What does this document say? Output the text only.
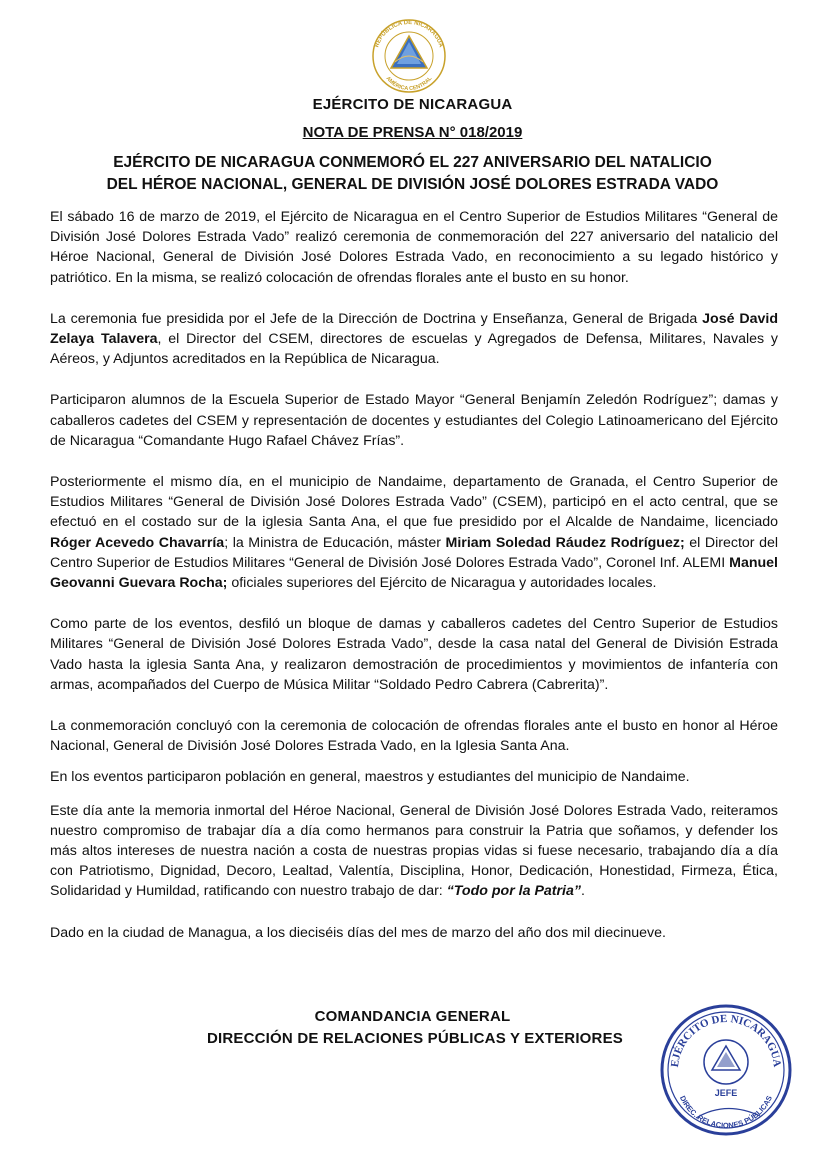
REPÚBLICA DE NICARAGUA
AMÉRICA CENTRAL
EJÉRCITO DE NICARAGUA
NOTA DE PRENSA N° 018/2019
EJÉRCITO DE NICARAGUA CONMEMORÓ EL 227 ANIVERSARIO DEL NATALICIO
DEL HÉROE NACIONAL, GENERAL DE DIVISIÓN JOSÉ DOLORES ESTRADA VADO

El sábado 16 de marzo de 2019, el Ejército de Nicaragua en el Centro Superior de Estudios Militares “General de División José Dolores Estrada Vado” realizó ceremonia de conmemoración del 227 aniversario del natalicio del Héroe Nacional, General de División José Dolores Estrada Vado, en reconocimiento a su legado histórico y patriótico. En la misma, se realizó colocación de ofrendas florales ante el busto en su honor.

La ceremonia fue presidida por el Jefe de la Dirección de Doctrina y Enseñanza, General de Brigada José David Zelaya Talavera, el Director del CSEM, directores de escuelas y Agregados de Defensa, Militares, Navales y Aéreos, y Adjuntos acreditados en la República de Nicaragua.

Participaron alumnos de la Escuela Superior de Estado Mayor “General Benjamín Zeledón Rodríguez”; damas y caballeros cadetes del CSEM y representación de docentes y estudiantes del Colegio Latinoamericano del Ejército de Nicaragua “Comandante Hugo Rafael Chávez Frías”.

Posteriormente el mismo día, en el municipio de Nandaime, departamento de Granada, el Centro Superior de Estudios Militares “General de División José Dolores Estrada Vado” (CSEM), participó en el acto central, que se efectuó en el costado sur de la iglesia Santa Ana, el que fue presidido por el Alcalde de Nandaime, licenciado Róger Acevedo Chavarría; la Ministra de Educación, máster Miriam Soledad Ráudez Rodríguez; el Director del Centro Superior de Estudios Militares “General de División José Dolores Estrada Vado”, Coronel Inf. ALEMI Manuel Geovanni Guevara Rocha; oficiales superiores del Ejército de Nicaragua y autoridades locales.

Como parte de los eventos, desfiló un bloque de damas y caballeros cadetes del Centro Superior de Estudios Militares “General de División José Dolores Estrada Vado”, desde la casa natal del General de División Estrada Vado hasta la iglesia Santa Ana, y realizaron demostración de procedimientos y movimientos de infantería con armas, acompañados del Cuerpo de Música Militar “Soldado Pedro Cabrera (Cabrerita)”.

La conmemoración concluyó con la ceremonia de colocación de ofrendas florales ante el busto en honor al Héroe Nacional, General de División José Dolores Estrada Vado, en la Iglesia Santa Ana.

En los eventos participaron población en general, maestros y estudiantes del municipio de Nandaime.

Este día ante la memoria inmortal del Héroe Nacional, General de División José Dolores Estrada Vado, reiteramos nuestro compromiso de trabajar día a día como hermanos para construir la Patria que soñamos, y defender los más altos intereses de nuestra nación a costa de nuestras propias vidas si fuese necesario, trabajando día a día con Patriotismo, Dignidad, Decoro, Lealtad, Valentía, Disciplina, Honor, Dedicación, Honestidad, Firmeza, Ética, Solidaridad y Humildad, ratificando con nuestro trabajo de dar: “Todo por la Patria”.

Dado en la ciudad de Managua, a los dieciséis días del mes de marzo del año dos mil diecinueve.

COMANDANCIA GENERAL
DIRECCIÓN DE RELACIONES PÚBLICAS Y EXTERIORES
EJÉRCITO DE NICARAGUA
JEFE
DIREC. RELACIONES PÚBLICAS
